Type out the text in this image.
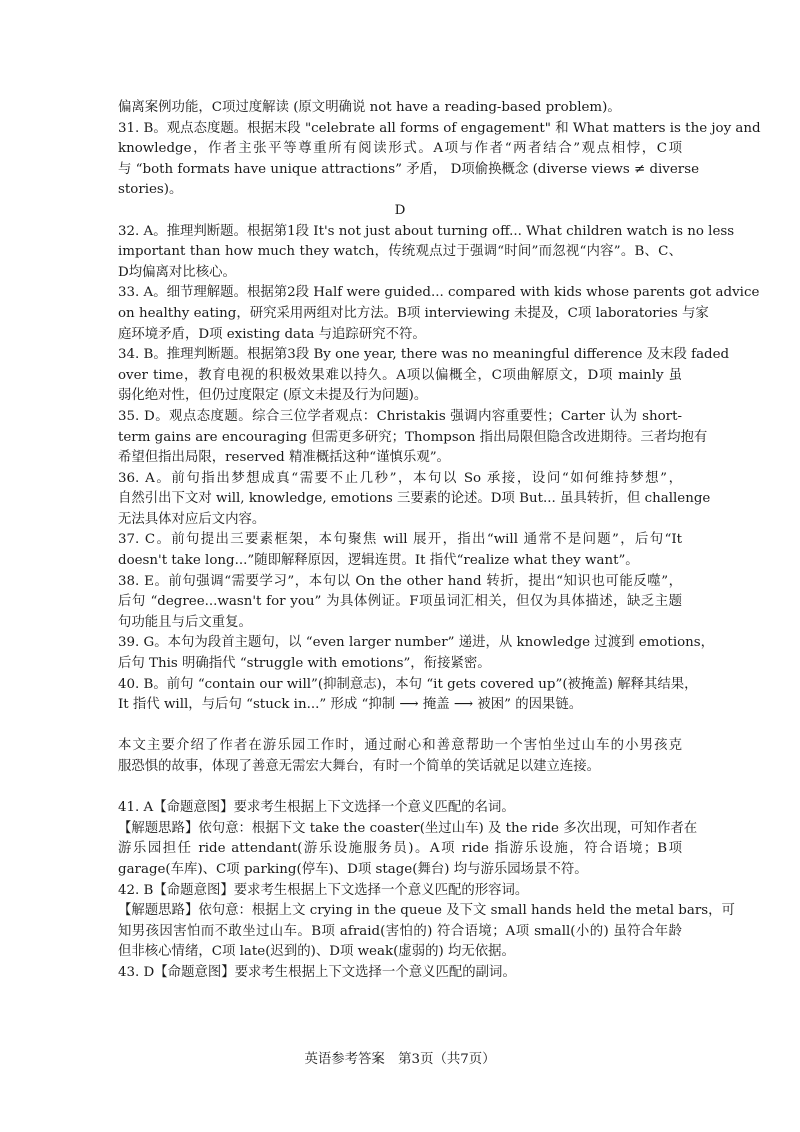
偏离案例功能，C项过度解读 (原文明确说 not have a reading-based problem)。
31. B。观点态度题。根据末段 "celebrate all forms of engagement" 和 What matters is the joy and
knowledge，作者主张平等尊重所有阅读形式。A项与作者“两者结合”观点相悖，C项
与 “both formats have unique attractions” 矛盾， D项偷换概念 (diverse views ≠ diverse
stories)。
D
32. A。推理判断题。根据第1段 It's not just about turning off... What children watch is no less
important than how much they watch，传统观点过于强调“时间”而忽视“内容”。B、C、
D均偏离对比核心。
33. A。细节理解题。根据第2段 Half were guided... compared with kids whose parents got advice
on healthy eating，研究采用两组对比方法。B项 interviewing 未提及，C项 laboratories 与家
庭环境矛盾，D项 existing data 与追踪研究不符。
34. B。推理判断题。根据第3段 By one year, there was no meaningful difference 及末段 faded
over time，教育电视的积极效果难以持久。A项以偏概全，C项曲解原文，D项 mainly 虽
弱化绝对性，但仍过度限定 (原文未提及行为问题)。
35. D。观点态度题。综合三位学者观点：Christakis 强调内容重要性；Carter 认为 short-
term gains are encouraging 但需更多研究；Thompson 指出局限但隐含改进期待。三者均抱有
希望但指出局限，reserved 精准概括这种“谨慎乐观”。
36. A。前句指出梦想成真“需要不止几秒”，本句以 So 承接，设问“如何维持梦想”，
自然引出下文对 will, knowledge, emotions 三要素的论述。D项 But... 虽具转折，但 challenge
无法具体对应后文内容。
37. C。前句提出三要素框架，本句聚焦 will 展开，指出“will 通常不是问题”，后句“It
doesn't take long...”随即解释原因，逻辑连贯。It 指代“realize what they want”。
38. E。前句强调“需要学习”，本句以 On the other hand 转折，提出“知识也可能反噬”，
后句 “degree...wasn't for you” 为具体例证。F项虽词汇相关，但仅为具体描述，缺乏主题
句功能且与后文重复。
39. G。本句为段首主题句，以 “even larger number” 递进，从 knowledge 过渡到 emotions，
后句 This 明确指代 “struggle with emotions”，衔接紧密。
40. B。前句 “contain our will”(抑制意志)，本句 “it gets covered up”(被掩盖) 解释其结果，
It 指代 will，与后句 “stuck in...” 形成 “抑制 ⟶ 掩盖 ⟶ 被困” 的因果链。
本文主要介绍了作者在游乐园工作时，通过耐心和善意帮助一个害怕坐过山车的小男孩克
服恐惧的故事，体现了善意无需宏大舞台，有时一个简单的笑话就足以建立连接。
41. A【命题意图】要求考生根据上下文选择一个意义匹配的名词。
【解题思路】依句意：根据下文 take the coaster(坐过山车) 及 the ride 多次出现，可知作者在
游乐园担任 ride attendant(游乐设施服务员)。A项 ride 指游乐设施，符合语境；B项
garage(车库)、C项 parking(停车)、D项 stage(舞台) 均与游乐园场景不符。
42. B【命题意图】要求考生根据上下文选择一个意义匹配的形容词。
【解题思路】依句意：根据上文 crying in the queue 及下文 small hands held the metal bars，可
知男孩因害怕而不敢坐过山车。B项 afraid(害怕的) 符合语境；A项 small(小的) 虽符合年龄
但非核心情绪，C项 late(迟到的)、D项 weak(虚弱的) 均无依据。
43. D【命题意图】要求考生根据上下文选择一个意义匹配的副词。
英语参考答案　第3页（共7页）
